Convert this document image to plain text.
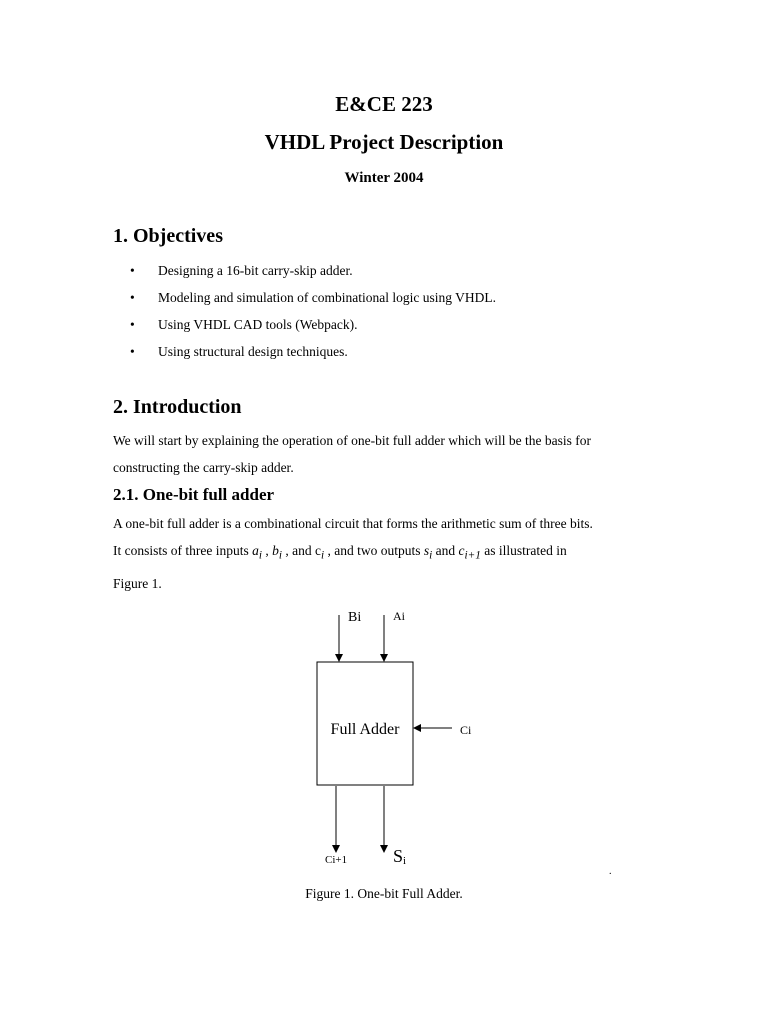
E&CE 223
VHDL Project Description
Winter 2004
1. Objectives
• Designing a 16-bit carry-skip adder.
• Modeling and simulation of combinational logic using VHDL.
• Using VHDL CAD tools (Webpack).
• Using structural design techniques.
2. Introduction
We will start by explaining the operation of one-bit full adder which will be the basis for
constructing the carry-skip adder.
2.1. One-bit full adder
A one-bit full adder is a combinational circuit that forms the arithmetic sum of three bits.
It consists of three inputs $a_i$ , $b_i$ , and $c_i$ , and two outputs $s_i$ and $c_{i+1}$ as illustrated in
Figure 1.
Bi	Ai
Full Adder	Ci
Ci+1	S i
.
Figure 1. One-bit Full Adder.
